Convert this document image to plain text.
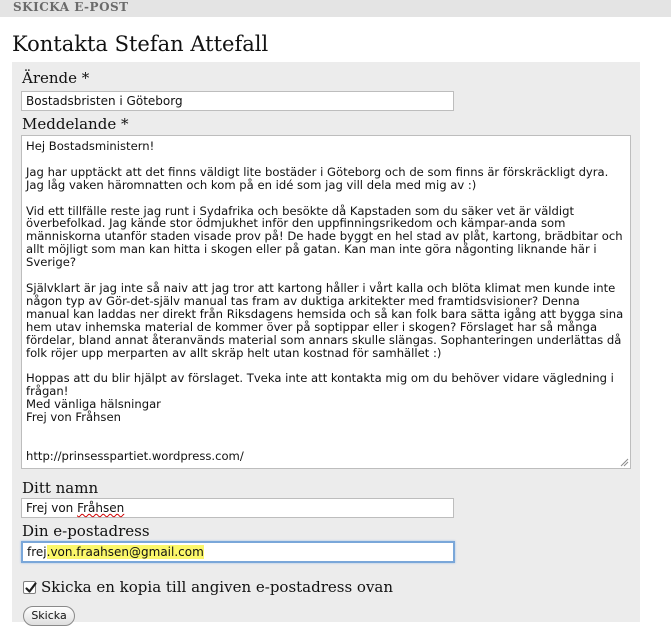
SKICKA E-POST
Kontakta Stefan Attefall
Ärende *
Bostadsbristen i Göteborg
Meddelande *
Hej Bostadsministern!

Jag har upptäckt att det finns väldigt lite bostäder i Göteborg och de som finns är förskräckligt dyra. Jag låg vaken häromnatten och kom på en idé som jag vill dela med mig av :)

Vid ett tillfälle reste jag runt i Sydafrika och besökte då Kapstaden som du säker vet är väldigt överbefolkad. Jag kände stor ödmjukhet inför den uppfinningsrikedom och kämpar-anda som människorna utanför staden visade prov på! De hade byggt en hel stad av plåt, kartong, brädbitar och allt möjligt som man kan hitta i skogen eller på gatan. Kan man inte göra någonting liknande här i Sverige?

Självklart är jag inte så naiv att jag tror att kartong håller i vårt kalla och blöta klimat men kunde inte någon typ av Gör-det-själv manual tas fram av duktiga arkitekter med framtidsvisioner? Denna manual kan laddas ner direkt från Riksdagens hemsida och så kan folk bara sätta igång att bygga sina hem utav inhemska material de kommer över på soptippar eller i skogen? Förslaget har så många fördelar, bland annat återanvänds material som annars skulle slängas. Sophanteringen underlättas då folk röjer upp merparten av allt skräp helt utan kostnad för samhället :)

Hoppas att du blir hjälpt av förslaget. Tveka inte att kontakta mig om du behöver vidare vägledning i frågan!
Med vänliga hälsningar
Frej von Fråhsen

http://prinsesspartiet.wordpress.com/
Ditt namn
Frej von Fråhsen
Din e-postadress
frej.von.fraahsen@gmail.com
Skicka en kopia till angiven e-postadress ovan
Skicka
